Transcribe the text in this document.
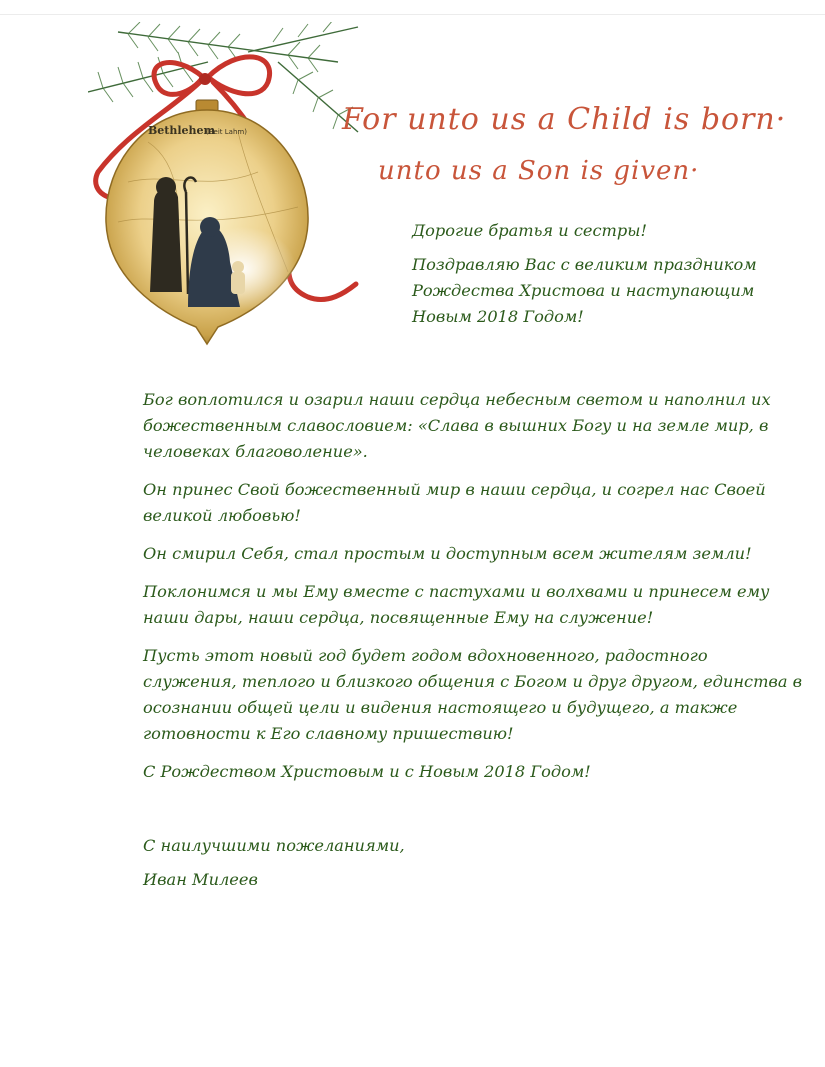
Bethlehem
(Beit Lahm)	For unto us a Child is born·
unto us a Son is given·

Дорогие братья и сестры!

Поздравляю Вас с великим праздником Рождества Христова и наступающим Новым 2018 Годом!

Бог воплотился и озарил наши сердца небесным светом и наполнил их божественным славословием: «Слава в вышних Богу и на земле мир, в человеках благоволение».

Он принес Свой божественный мир в наши сердца, и согрел нас Своей великой любовью!

Он смирил Себя, стал простым и доступным всем жителям земли!

Поклонимся и мы Ему вместе с пастухами и волхвами и принесем ему наши дары, наши сердца, посвященные Ему на служение!

Пусть этот новый год будет годом вдохновенного, радостного служения, теплого и близкого общения с Богом и друг другом, единства в осознании общей цели и видения настоящего и будущего, а также готовности к Его славному пришествию!

С Рождеством Христовым и с Новым 2018 Годом!

С наилучшими пожеланиями,

Иван Милеев
